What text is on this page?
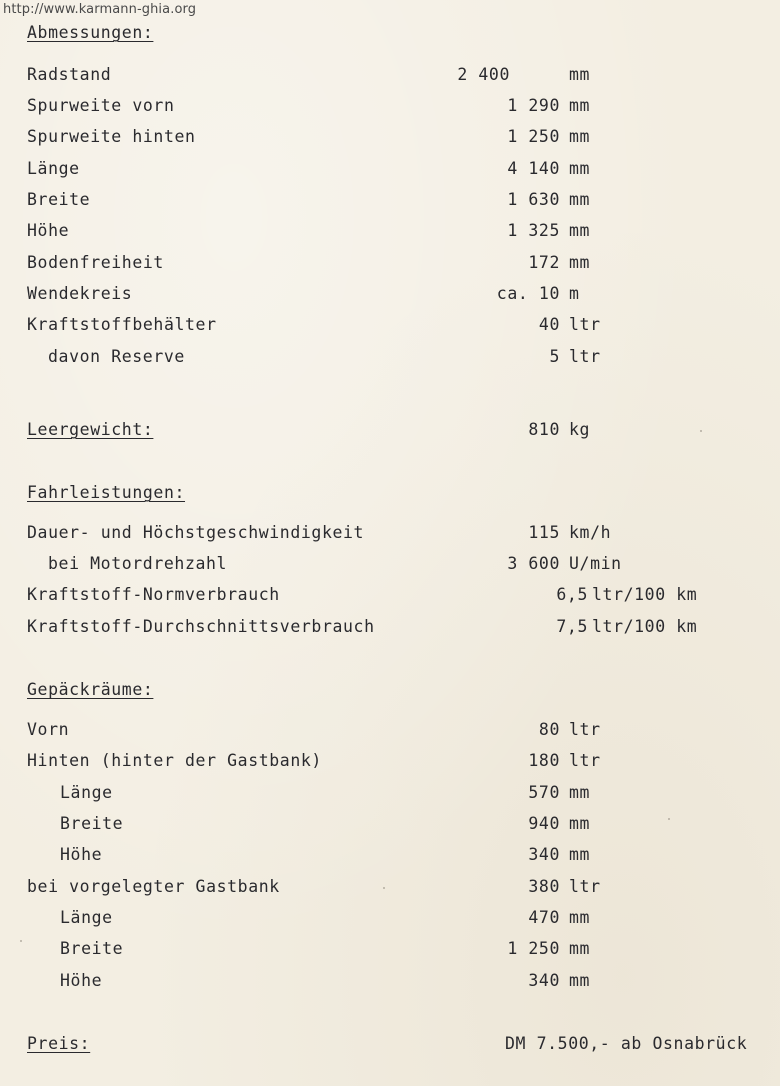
http://www.karmann-ghia.org
Abmessungen:
Radstand	2 400	mm
Spurweite vorn	1 290 mm
Spurweite hinten	1 250 mm
Länge	4 140 mm
Breite	1 630 mm
Höhe	1 325 mm
Bodenfreiheit	172 mm
Wendekreis	ca. 10 m
Kraftstoffbehälter	40 ltr
davon Reserve	5 ltr
Leergewicht:	810 kg
Fahrleistungen:
Dauer- und Höchstgeschwindigkeit	115 km/h
bei Motordrehzahl	3 600 U/min
Kraftstoff-Normverbrauch	6,5 ltr/100 km
Kraftstoff-Durchschnittsverbrauch	7,5 ltr/100 km
Gepäckräume:
Vorn	80 ltr
Hinten (hinter der Gastbank)	180 ltr
Länge	570 mm
Breite	940 mm
Höhe	340 mm
bei vorgelegter Gastbank	380 ltr
Länge	470 mm
Breite	1 250 mm
Höhe	340 mm
Preis:	DM 7.500,- ab Osnabrück
